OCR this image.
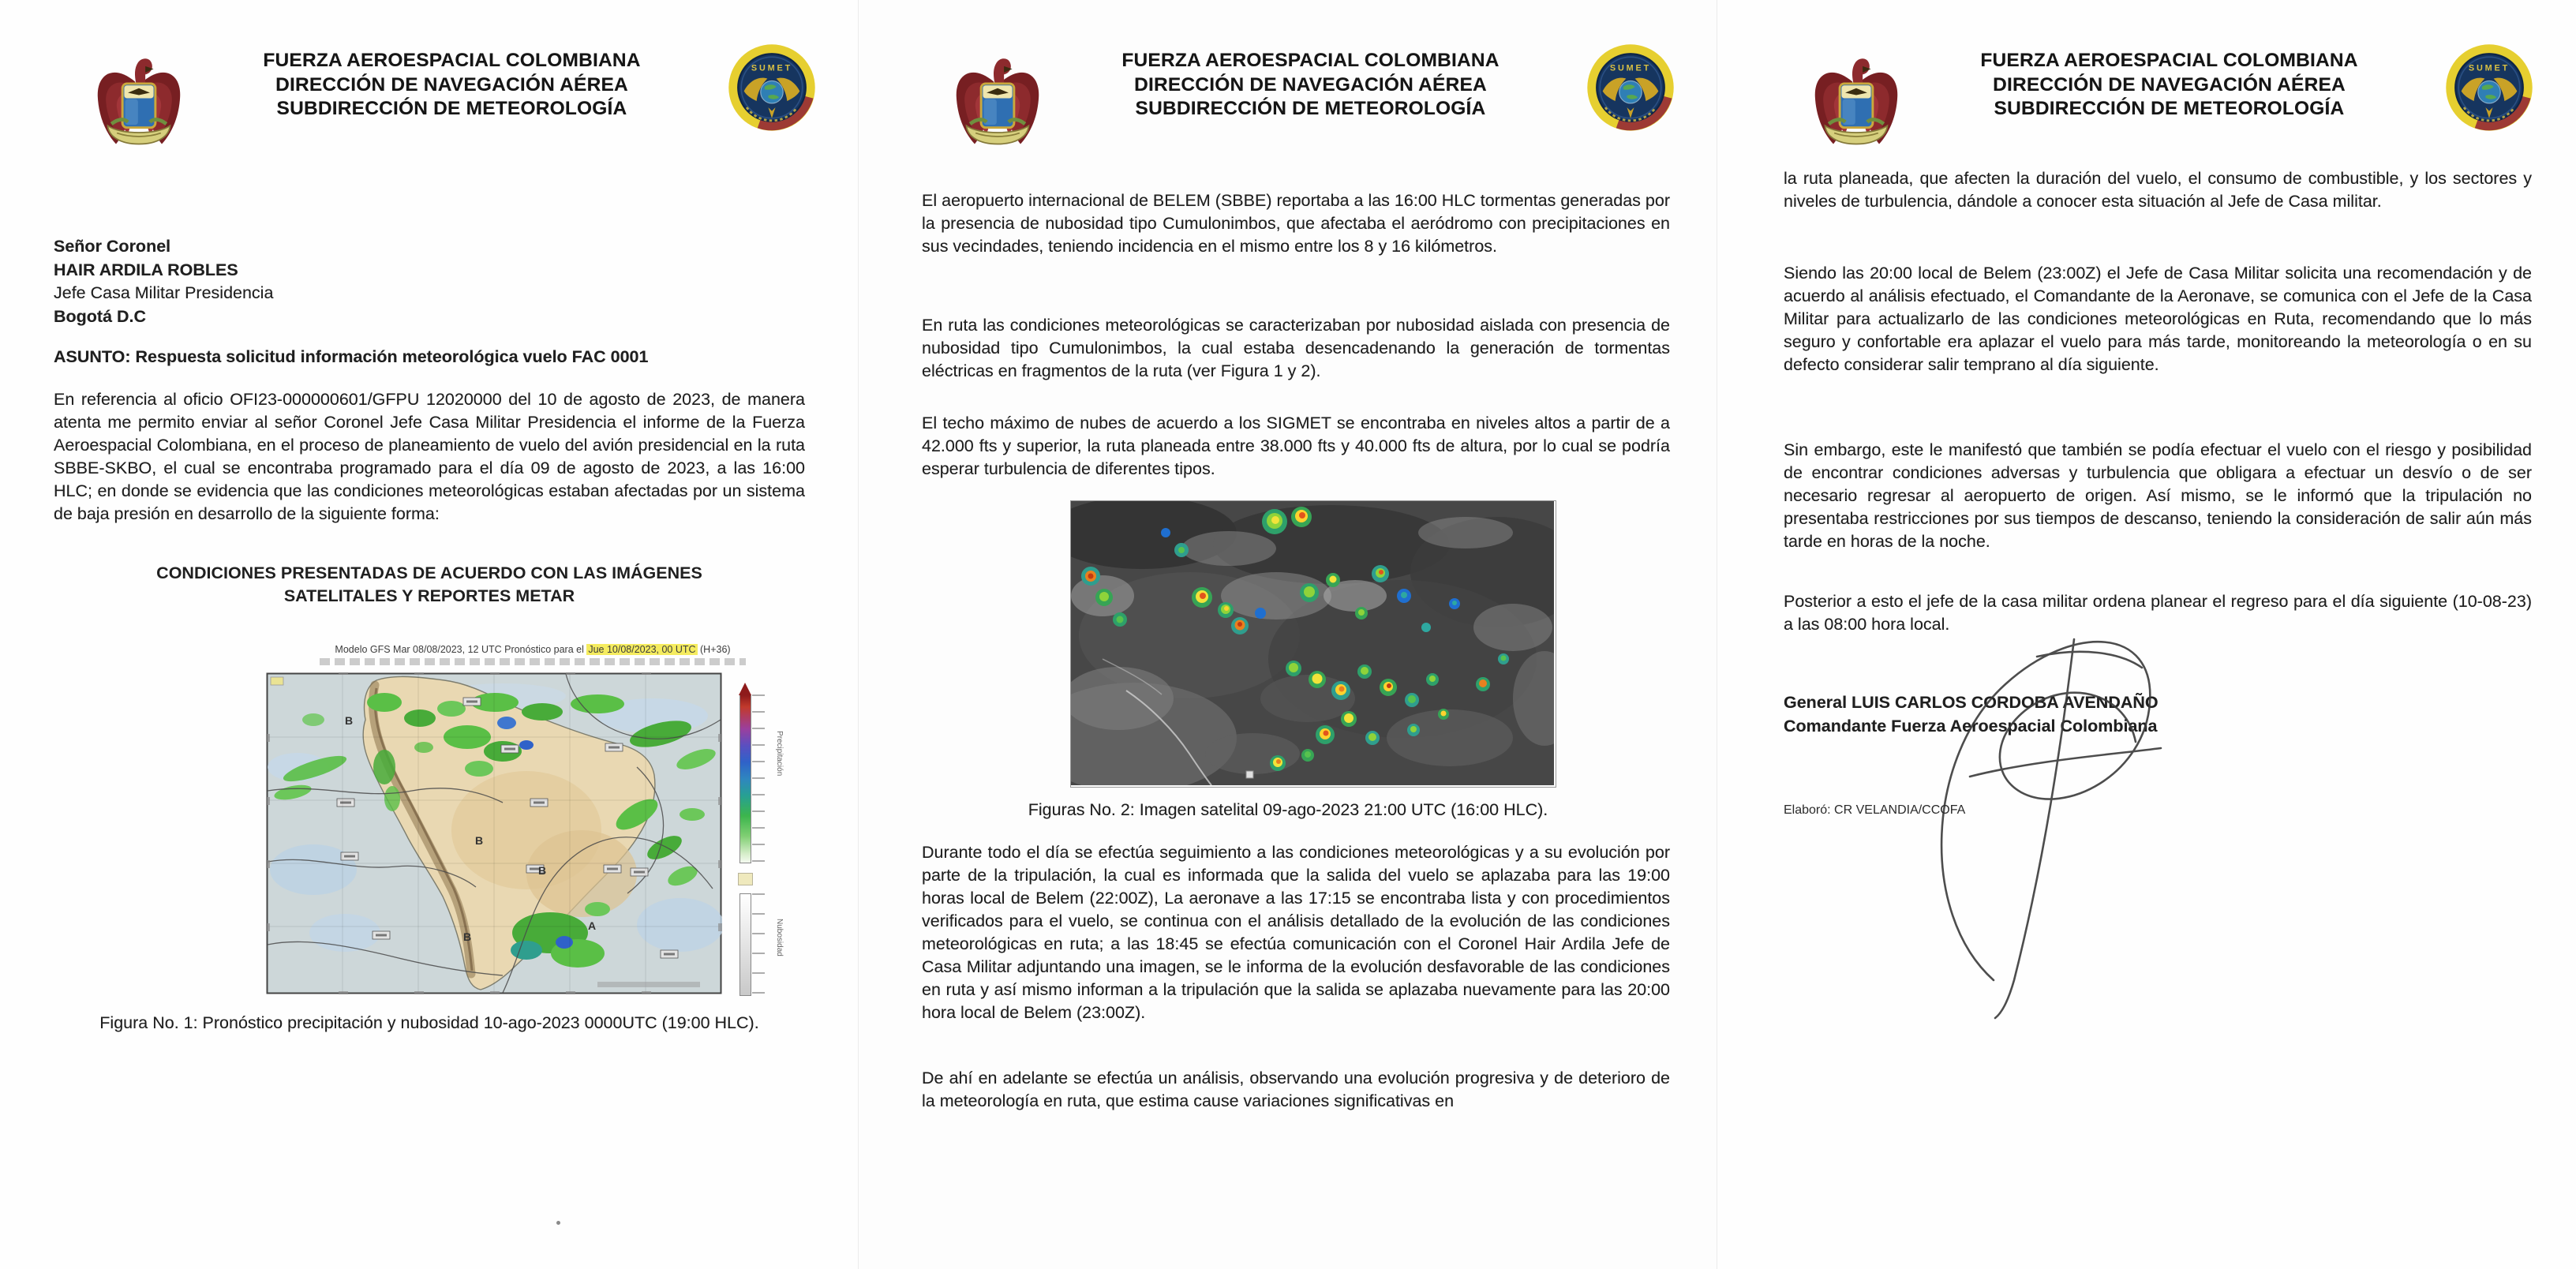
FUERZA AEROESPACIAL COLOMBIANA
DIRECCIÓN DE NAVEGACIÓN AÉREA
SUBDIRECCIÓN DE METEOROLOGÍA
SUMET
Señor Coronel
HAIR ARDILA ROBLES
Jefe Casa Militar Presidencia
Bogotá D.C
ASUNTO: Respuesta solicitud información meteorológica vuelo FAC 0001
En referencia al oficio OFI23-000000601/GFPU 12020000 del 10 de agosto de 2023, de manera atenta me permito enviar al señor Coronel Jefe Casa Militar Presidencia el informe de la Fuerza Aeroespacial Colombiana, en el proceso de planeamiento de vuelo del avión presidencial en la ruta SBBE-SKBO, el cual se encontraba programado para el día 09 de agosto de 2023, a las 16:00 HLC; en donde se evidencia que las condiciones meteorológicas estaban afectadas por un sistema de baja presión en desarrollo de la siguiente forma:
CONDICIONES PRESENTADAS DE ACUERDO CON LAS IMÁGENES
SATELITALES Y REPORTES METAR
Modelo GFS Mar 08/08/2023, 12 UTC Pronóstico para el Jue 10/08/2023, 00 UTC (H+36)
B
B
B
B
A
Precipitación
Nubosidad
Figura No. 1: Pronóstico precipitación y nubosidad 10-ago-2023 0000UTC (19:00 HLC).
FUERZA AEROESPACIAL COLOMBIANA
DIRECCIÓN DE NAVEGACIÓN AÉREA
SUBDIRECCIÓN DE METEOROLOGÍA
SUMET
El aeropuerto internacional de BELEM (SBBE) reportaba a las 16:00 HLC tormentas generadas por la presencia de nubosidad tipo Cumulonimbos, que afectaba el aeródromo con precipitaciones en sus vecindades, teniendo incidencia en el mismo entre los 8 y 16 kilómetros.
En ruta las condiciones meteorológicas se caracterizaban por nubosidad aislada con presencia de nubosidad tipo Cumulonimbos, la cual estaba desencadenando la generación de tormentas eléctricas en fragmentos de la ruta (ver Figura 1 y 2).
El techo máximo de nubes de acuerdo a los SIGMET se encontraba en niveles altos a partir de a 42.000 fts y superior, la ruta planeada entre 38.000 fts y 40.000 fts de altura, por lo cual se podría esperar turbulencia de diferentes tipos.
Figuras No. 2: Imagen satelital 09-ago-2023 21:00 UTC (16:00 HLC).
Durante todo el día se efectúa seguimiento a las condiciones meteorológicas y a su evolución por parte de la tripulación, la cual es informada que la salida del vuelo se aplazaba para las 19:00 horas local de Belem (22:00Z), La aeronave a las 17:15 se encontraba lista y con procedimientos verificados para el vuelo, se continua con el análisis detallado de la evolución de las condiciones meteorológicas en ruta; a las 18:45 se efectúa comunicación con el Coronel Hair Ardila Jefe de Casa Militar adjuntando una imagen, se le informa de la evolución desfavorable de las condiciones en ruta y así mismo informan a la tripulación que la salida se aplazaba nuevamente para las 20:00 hora local de Belem (23:00Z).
De ahí en adelante se efectúa un análisis, observando una evolución progresiva y de deterioro de la meteorología en ruta, que estima cause variaciones significativas en
FUERZA AEROESPACIAL COLOMBIANA
DIRECCIÓN DE NAVEGACIÓN AÉREA
SUBDIRECCIÓN DE METEOROLOGÍA
SUMET
la ruta planeada, que afecten la duración del vuelo, el consumo de combustible, y los sectores y niveles de turbulencia, dándole a conocer esta situación al Jefe de Casa militar.
Siendo las 20:00 local de Belem (23:00Z) el Jefe de Casa Militar solicita una recomendación y de acuerdo al análisis efectuado, el Comandante de la Aeronave, se comunica con el Jefe de la Casa Militar para actualizarlo de las condiciones meteorológicas en Ruta, recomendando que lo más seguro y confortable era aplazar el vuelo para más tarde, monitoreando la meteorología o en su defecto considerar salir temprano al día siguiente.
Sin embargo, este le manifestó que también se podía efectuar el vuelo con el riesgo y posibilidad de encontrar condiciones adversas y turbulencia que obligara a efectuar un desvío o de ser necesario regresar al aeropuerto de origen. Así mismo, se le informó que la tripulación no presentaba restricciones por sus tiempos de descanso, teniendo la consideración de salir aún más tarde en horas de la noche.
Posterior a esto el jefe de la casa militar ordena planear el regreso para el día siguiente (10-08-23) a las 08:00 hora local.
General LUIS CARLOS CORDOBA AVENDAÑO
Comandante Fuerza Aeroespacial Colombiana
Elaboró: CR VELANDIA/CCOFA
